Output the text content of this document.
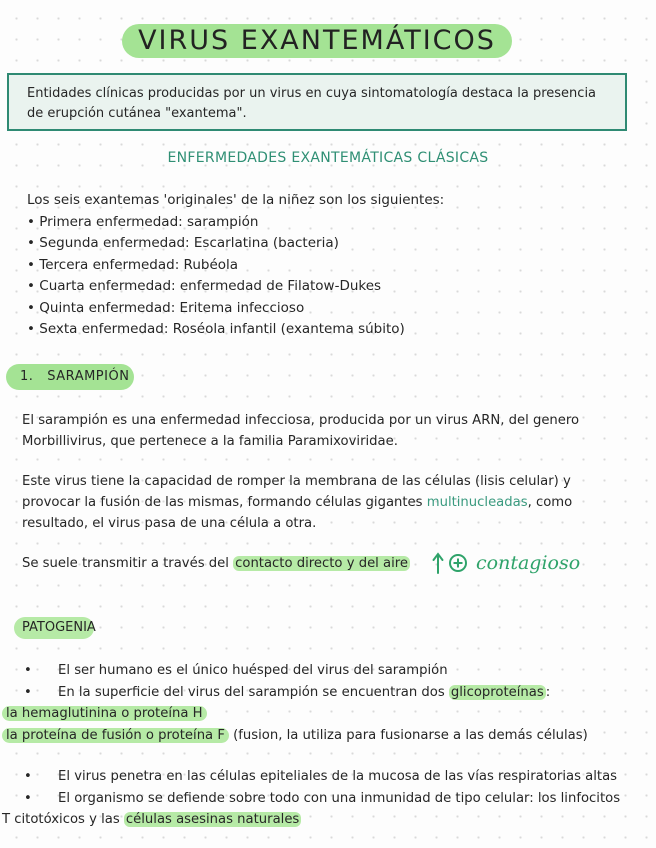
VIRUS EXANTEMÁTICOS
Entidades clínicas producidas por un virus en cuya sintomatología destaca la presencia de erupción cutánea "exantema".
ENFERMEDADES EXANTEMÁTICAS CLÁSICAS
Los seis exantemas 'originales' de la niñez son los siguientes:
• Primera enfermedad: sarampión
• Segunda enfermedad: Escarlatina (bacteria)
• Tercera enfermedad: Rubéola
• Cuarta enfermedad: enfermedad de Filatow-Dukes
• Quinta enfermedad: Eritema infeccioso
• Sexta enfermedad: Roséola infantil (exantema súbito)
1.   SARAMPIÓN
El sarampión es una enfermedad infecciosa, producida por un virus ARN, del genero Morbillivirus, que pertenece a la familia Paramixoviridae.
Este virus tiene la capacidad de romper la membrana de las células (lisis celular) y provocar la fusión de las mismas, formando células gigantes multinucleadas, como resultado, el virus pasa de una célula a otra.
Se suele transmitir a través del contacto directo y del aire	contagioso
PATOGENIA
• El ser humano es el único huésped del virus del sarampión
• En la superficie del virus del sarampión se encuentran dos glicoproteínas :
la hemaglutinina o proteína H
la proteína de fusión o proteína F (fusion, la utiliza para fusionarse a las demás células)
• El virus penetra en las células epiteliales de la mucosa de las vías respiratorias altas
• El organismo se defiende sobre todo con una inmunidad de tipo celular: los linfocitos
T citotóxicos y las células asesinas naturales
